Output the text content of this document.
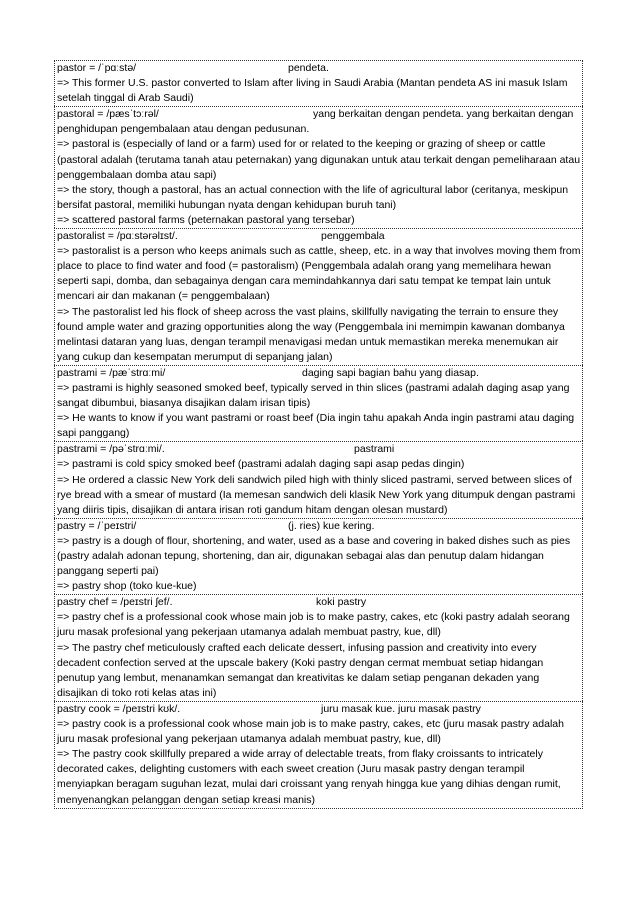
pastor = /ˈpɑːstə/	pendeta.
=> This former U.S. pastor converted to Islam after living in Saudi Arabia (Mantan pendeta AS ini masuk Islam setelah tinggal di Arab Saudi)
pastoral = /pæsˈtɔːrəl/	yang berkaitan dengan pendeta. yang berkaitan dengan penghidupan pengembalaan atau dengan pedusunan.
=> pastoral is (especially of land or a farm) used for or related to the keeping or grazing of sheep or cattle (pastoral adalah (terutama tanah atau peternakan) yang digunakan untuk atau terkait dengan pemeliharaan atau penggembalaan domba atau sapi)
=> the story, though a pastoral, has an actual connection with the life of agricultural labor (ceritanya, meskipun bersifat pastoral, memiliki hubungan nyata dengan kehidupan buruh tani)
=> scattered pastoral farms (peternakan pastoral yang tersebar)
pastoralist = /pɑːstərəlɪst/.	penggembala
=> pastoralist is a person who keeps animals such as cattle, sheep, etc. in a way that involves moving them from place to place to find water and food (= pastoralism) (Penggembala adalah orang yang memelihara hewan seperti sapi, domba, dan sebagainya dengan cara memindahkannya dari satu tempat ke tempat lain untuk mencari air dan makanan (= penggembalaan)
=> The pastoralist led his flock of sheep across the vast plains, skillfully navigating the terrain to ensure they found ample water and grazing opportunities along the way (Penggembala ini memimpin kawanan dombanya melintasi dataran yang luas, dengan terampil menavigasi medan untuk memastikan mereka menemukan air yang cukup dan kesempatan merumput di sepanjang jalan)
pastrami = /pæˈstrɑːmi/	daging sapi bagian bahu yang diasap.
=> pastrami is highly seasoned smoked beef, typically served in thin slices (pastrami adalah daging asap yang sangat dibumbui, biasanya disajikan dalam irisan tipis)
=> He wants to know if you want pastrami or roast beef (Dia ingin tahu apakah Anda ingin pastrami atau daging sapi panggang)
pastrami = /pəˈstrɑːmi/.	pastrami
=> pastrami is cold spicy smoked beef (pastrami adalah daging sapi asap pedas dingin)
=> He ordered a classic New York deli sandwich piled high with thinly sliced pastrami, served between slices of rye bread with a smear of mustard (Ia memesan sandwich deli klasik New York yang ditumpuk dengan pastrami yang diiris tipis, disajikan di antara irisan roti gandum hitam dengan olesan mustard)
pastry = /ˈpeɪstri/	(j. ries) kue kering.
=> pastry is a dough of flour, shortening, and water, used as a base and covering in baked dishes such as pies (pastry adalah adonan tepung, shortening, dan air, digunakan sebagai alas dan penutup dalam hidangan panggang seperti pai)
=> pastry shop (toko kue-kue)
pastry chef = /peɪstri ʃef/.	koki pastry
=> pastry chef is a professional cook whose main job is to make pastry, cakes, etc (koki pastry adalah seorang juru masak profesional yang pekerjaan utamanya adalah membuat pastry, kue, dll)
=> The pastry chef meticulously crafted each delicate dessert, infusing passion and creativity into every decadent confection served at the upscale bakery (Koki pastry dengan cermat membuat setiap hidangan penutup yang lembut, menanamkan semangat dan kreativitas ke dalam setiap penganan dekaden yang disajikan di toko roti kelas atas ini)
pastry cook = /peɪstri kʊk/.	juru masak kue. juru masak pastry
=> pastry cook is a professional cook whose main job is to make pastry, cakes, etc (juru masak pastry adalah juru masak profesional yang pekerjaan utamanya adalah membuat pastry, kue, dll)
=> The pastry cook skillfully prepared a wide array of delectable treats, from flaky croissants to intricately decorated cakes, delighting customers with each sweet creation (Juru masak pastry dengan terampil menyiapkan beragam suguhan lezat, mulai dari croissant yang renyah hingga kue yang dihias dengan rumit, menyenangkan pelanggan dengan setiap kreasi manis)
